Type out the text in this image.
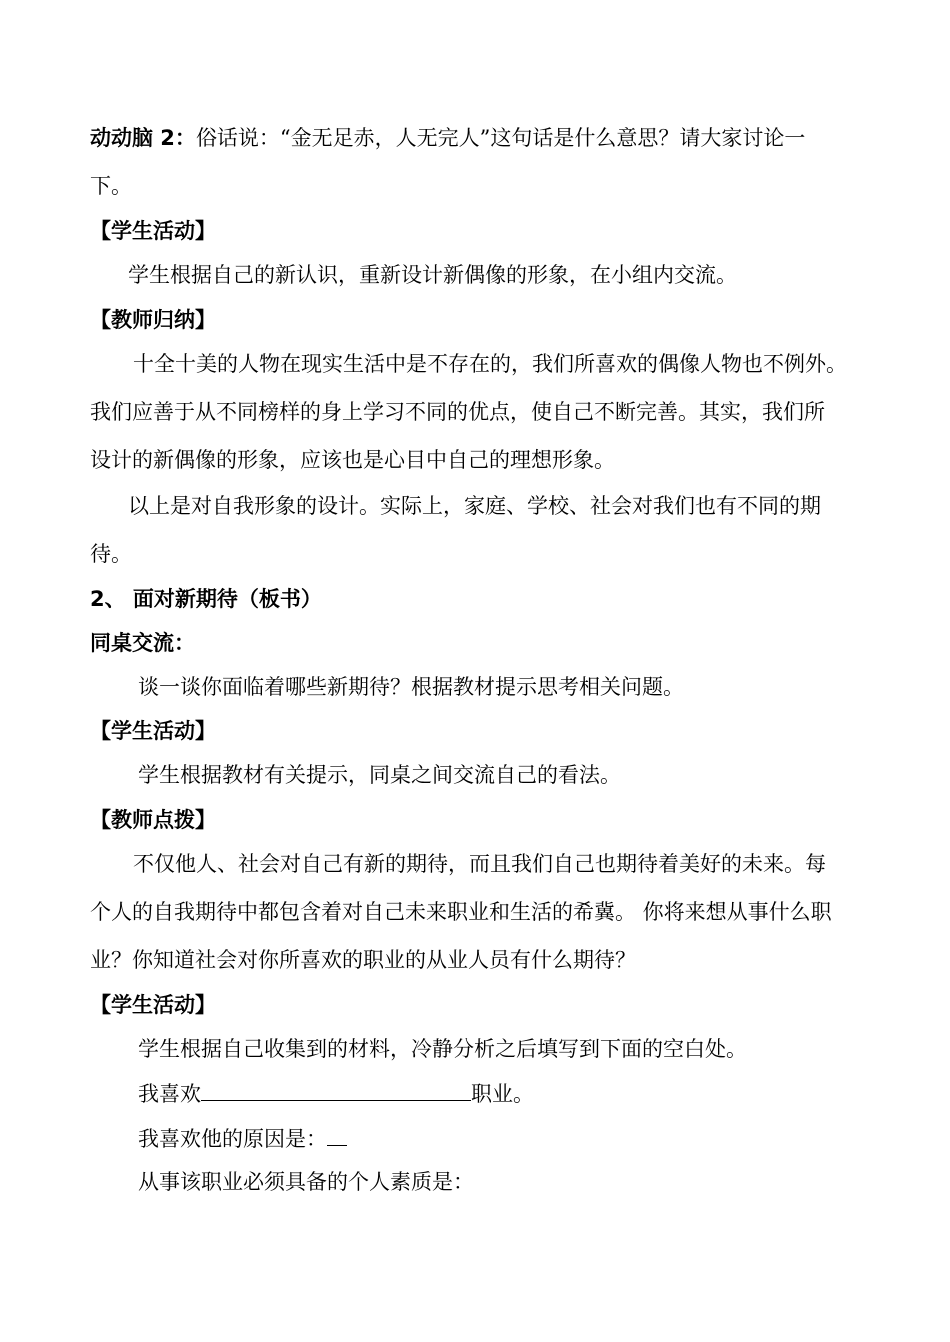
动动脑 2：俗话说：“金无足赤，人无完人”这句话是什么意思？请大家讨论一
下。
【学生活动】
学生根据自己的新认识，重新设计新偶像的形象，在小组内交流。
【教师归纳】
十全十美的人物在现实生活中是不存在的，我们所喜欢的偶像人物也不例外。
我们应善于从不同榜样的身上学习不同的优点，使自己不断完善。其实，我们所
设计的新偶像的形象，应该也是心目中自己的理想形象。
以上是对自我形象的设计。实际上，家庭、学校、社会对我们也有不同的期
待。
2、 面对新期待（板书）
同桌交流：
谈一谈你面临着哪些新期待？根据教材提示思考相关问题。
【学生活动】
学生根据教材有关提示，同桌之间交流自己的看法。
【教师点拨】
不仅他人、社会对自己有新的期待，而且我们自己也期待着美好的未来。每
个人的自我期待中都包含着对自己未来职业和生活的希冀。 你将来想从事什么职
业？你知道社会对你所喜欢的职业的从业人员有什么期待？
【学生活动】
学生根据自己收集到的材料，冷静分析之后填写到下面的空白处。
我喜欢	职业。
我喜欢他的原因是：
从事该职业必须具备的个人素质是：
